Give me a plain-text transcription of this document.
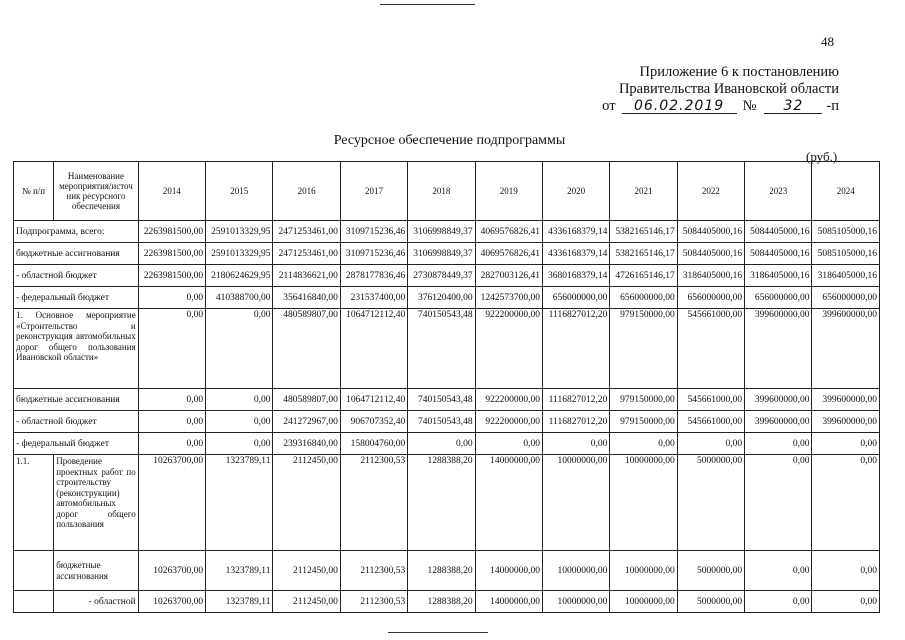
48
Приложение 6 к постановлению
Правительства Ивановской области
от	06.02.2019	№	32	-п
Ресурсное обеспечение подпрограммы
(руб.)
№ п/п	Наименование мероприятия/источ ник ресурсного обеспечения	2014	2015	2016	2017	2018	2019	2020	2021	2022	2023	2024
Подпрограмма, всего:		2263981500,00	2591013329,95	2471253461,00	3109715236,46	3106998849,37	4069576826,41	4336168379,14	5382165146,17	5084405000,16	5084405000,16	5085105000,16
бюджетные ассигнования		2263981500,00	2591013329,95	2471253461,00	3109715236,46	3106998849,37	4069576826,41	4336168379,14	5382165146,17	5084405000,16	5084405000,16	5085105000,16
- областной бюджет		2263981500,00	2180624629,95	2114836621,00	2878177836,46	2730878449,37	2827003126,41	3680168379,14	4726165146,17	3186405000,16	3186405000,16	3186405000,16
- федеральный бюджет		0,00	410388700,00	356416840,00	231537400,00	376120400,00	1242573700,00	656000000,00	656000000,00	656000000,00	656000000,00	656000000,00
1. Основное мероприятие «Строительство и реконструкция автомобильных дорог общего пользования Ивановской области»		0,00	0,00	480589807,00	1064712112,40	740150543,48	922200000,00	1116827012,20	979150000,00	545661000,00	399600000,00	399600000,00
бюджетные ассигнования		0,00	0,00	480589807,00	1064712112,40	740150543,48	922200000,00	1116827012,20	979150000,00	545661000,00	399600000,00	399600000,00
- областной бюджет		0,00	0,00	241272967,00	906707352,40	740150543,48	922200000,00	1116827012,20	979150000,00	545661000,00	399600000,00	399600000,00
- федеральный бюджет		0,00	0,00	239316840,00	158004760,00	0,00	0,00	0,00	0,00	0,00	0,00	0,00
1.1.	Проведение проектных работ по строительству (реконструкции) автомобильных дорог общего пользования	10263700,00	1323789,11	2112450,00	2112300,53	1288388,20	14000000,00	10000000,00	10000000,00	5000000,00	0,00	0,00
	бюджетные ассигнования	10263700,00	1323789,11	2112450,00	2112300,53	1288388,20	14000000,00	10000000,00	10000000,00	5000000,00	0,00	0,00
	- областной	10263700,00	1323789,11	2112450,00	2112300,53	1288388,20	14000000,00	10000000,00	10000000,00	5000000,00	0,00	0,00
